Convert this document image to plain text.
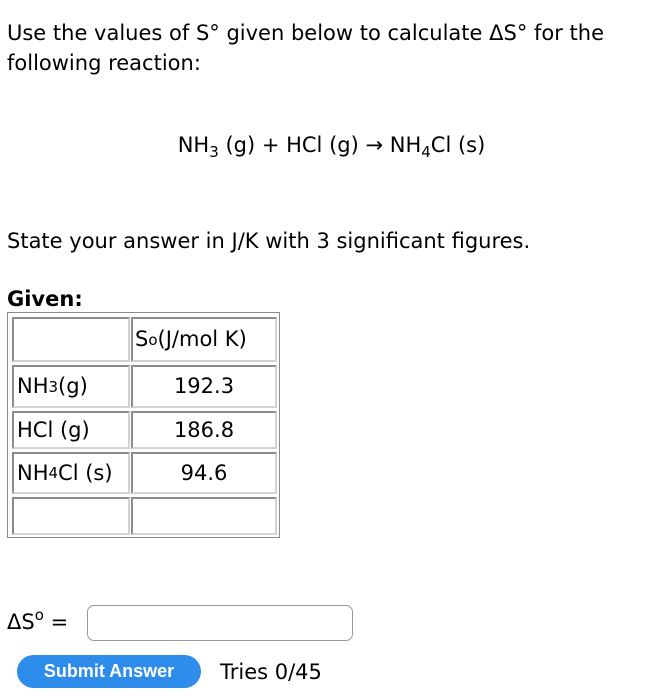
Use the values of S° given below to calculate ΔS° for the following reaction:

$NH_3$ (g) + HCl $(g) \to NH_4Cl$ (s)
State your answer in J/K with 3 significant figures.
Given:
S o (J/mol K)
NH 3 (g)	192.3
HCl (g)	186.8
NH 4 Cl (s)	94.6
$\Delta S^o$ =
Submit Answer	Tries 0/45
